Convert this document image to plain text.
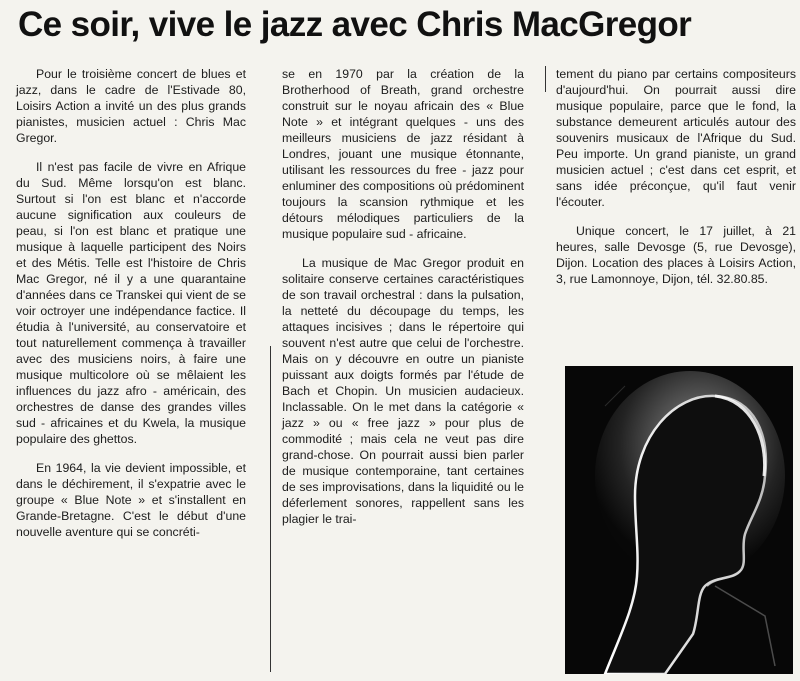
Ce soir, vive le jazz avec Chris MacGregor

Pour le troisième concert de blues et jazz, dans le cadre de l'Estivade 80, Loisirs Action a invité un des plus grands pianistes, musicien actuel : Chris Mac Gregor.

Il n'est pas facile de vivre en Afrique du Sud. Même lorsqu'on est blanc. Surtout si l'on est blanc et n'accorde aucune signification aux couleurs de peau, si l'on est blanc et pratique une musique à laquelle participent des Noirs et des Métis. Telle est l'histoire de Chris Mac Gregor, né il y a une quarantaine d'années dans ce Transkei qui vient de se voir octroyer une indépendance factice. Il étudia à l'université, au conservatoire et tout naturellement commença à travailler avec des musiciens noirs, à faire une musique multicolore où se mêlaient les influences du jazz afro - américain, des orchestres de danse des grandes villes sud - africaines et du Kwela, la musique populaire des ghettos.

En 1964, la vie devient impossible, et dans le déchirement, il s'expatrie avec le groupe « Blue Note » et s'installent en Grande-Bretagne. C'est le début d'une nouvelle aventure qui se concréti-

se en 1970 par la création de la Brotherhood of Breath, grand orchestre construit sur le noyau africain des « Blue Note » et intégrant quelques - uns des meilleurs musiciens de jazz résidant à Londres, jouant une musique étonnante, utilisant les ressources du free - jazz pour enluminer des compositions où prédominent toujours la scansion rythmique et les détours mélodiques particuliers de la musique populaire sud - africaine.

La musique de Mac Gregor produit en solitaire conserve certaines caractéristiques de son travail orchestral : dans la pulsation, la netteté du découpage du temps, les attaques incisives ; dans le répertoire qui souvent n'est autre que celui de l'orchestre. Mais on y découvre en outre un pianiste puissant aux doigts formés par l'étude de Bach et Chopin. Un musicien audacieux. Inclassable. On le met dans la catégorie « jazz » ou « free jazz » pour plus de commodité ; mais cela ne veut pas dire grand-chose. On pourrait aussi bien parler de musique contemporaine, tant certaines de ses improvisations, dans la liquidité ou le déferlement sonores, rappellent sans les plagier le trai-

tement du piano par certains compositeurs d'aujourd'hui. On pourrait aussi dire musique populaire, parce que le fond, la substance demeurent articulés autour des souvenirs musicaux de l'Afrique du Sud. Peu importe. Un grand pianiste, un grand musicien actuel ; c'est dans cet esprit, et sans idée préconçue, qu'il faut venir l'écouter.

Unique concert, le 17 juillet, à 21 heures, salle Devosge (5, rue Devosge), Dijon. Location des places à Loisirs Action, 3, rue Lamonnoye, Dijon, tél. 32.80.85.
